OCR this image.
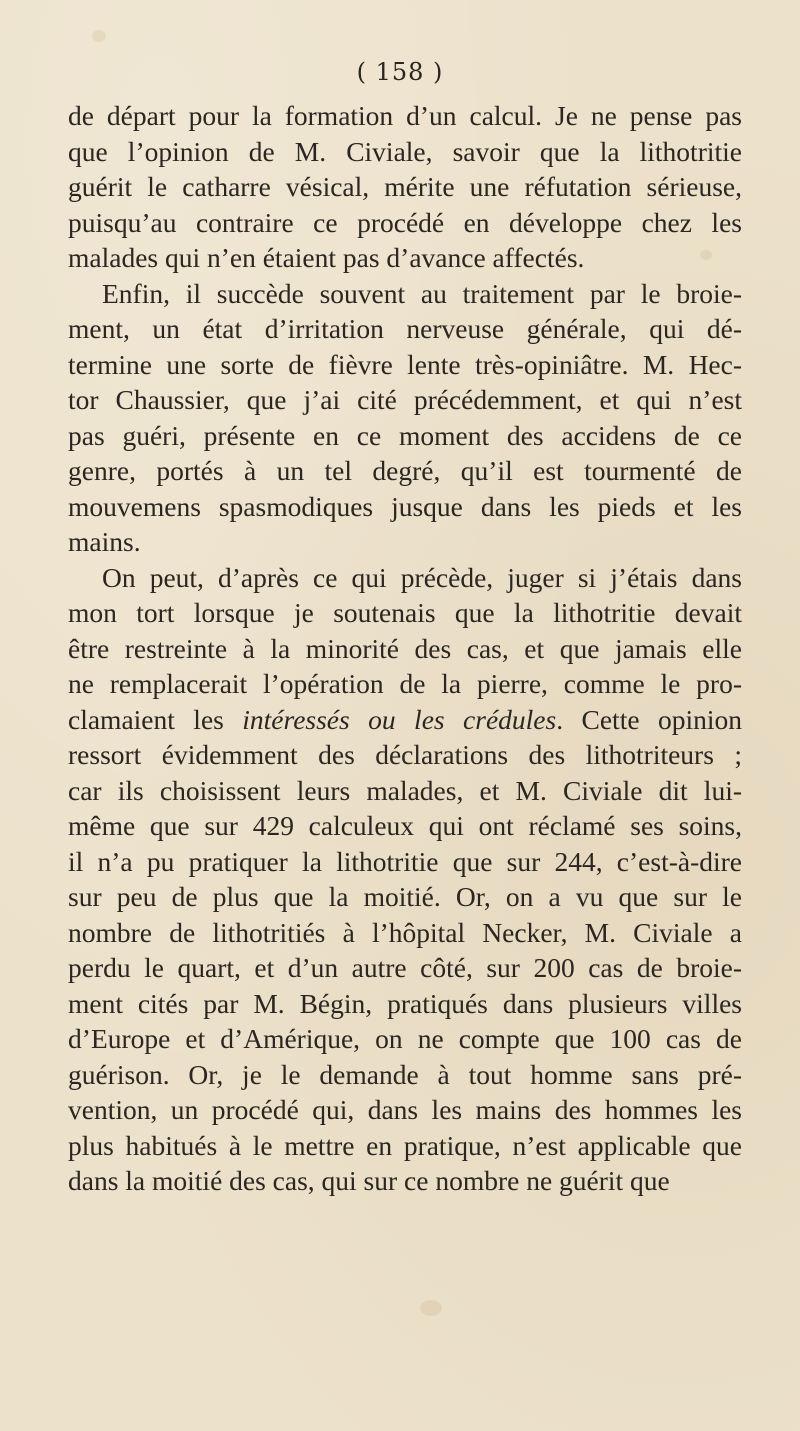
( 158 )
de départ pour la formation d’un calcul. Je ne pense pas
que l’opinion de M. Civiale, savoir que la lithotritie
guérit le catharre vésical, mérite une réfutation sérieuse,
puisqu’au contraire ce procédé en développe chez les
malades qui n’en étaient pas d’avance affectés.
Enfin, il succède souvent au traitement par le broie-
ment, un état d’irritation nerveuse générale, qui dé-
termine une sorte de fièvre lente très-opiniâtre. M. Hec-
tor Chaussier, que j’ai cité précédemment, et qui n’est
pas guéri, présente en ce moment des accidens de ce
genre, portés à un tel degré, qu’il est tourmenté de
mouvemens spasmodiques jusque dans les pieds et les
mains.
On peut, d’après ce qui précède, juger si j’étais dans
mon tort lorsque je soutenais que la lithotritie devait
être restreinte à la minorité des cas, et que jamais elle
ne remplacerait l’opération de la pierre, comme le pro-
clamaient les intéressés ou les crédules. Cette opinion
ressort évidemment des déclarations des lithotriteurs ;
car ils choisissent leurs malades, et M. Civiale dit lui-
même que sur 429 calculeux qui ont réclamé ses soins,
il n’a pu pratiquer la lithotritie que sur 244, c’est-à-dire
sur peu de plus que la moitié. Or, on a vu que sur le
nombre de lithotritiés à l’hôpital Necker, M. Civiale a
perdu le quart, et d’un autre côté, sur 200 cas de broie-
ment cités par M. Bégin, pratiqués dans plusieurs villes
d’Europe et d’Amérique, on ne compte que 100 cas de
guérison. Or, je le demande à tout homme sans pré-
vention, un procédé qui, dans les mains des hommes les
plus habitués à le mettre en pratique, n’est applicable que
dans la moitié des cas, qui sur ce nombre ne guérit que
